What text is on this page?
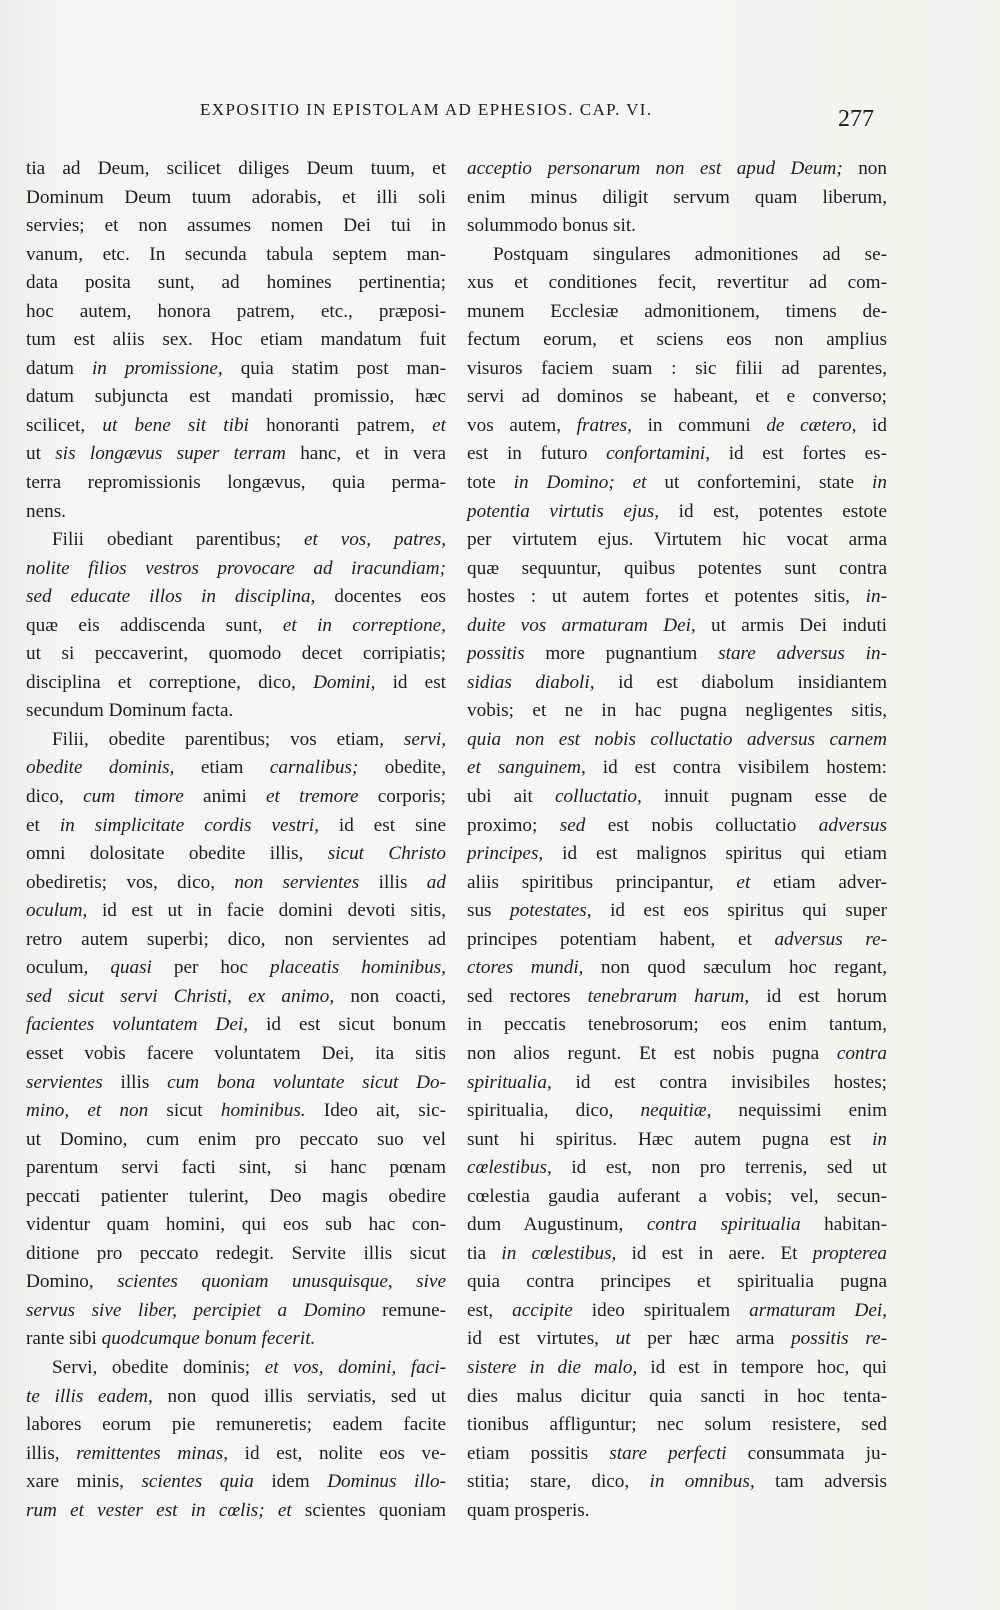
EXPOSITIO IN EPISTOLAM AD EPHESIOS. CAP. VI.	277
tia ad Deum, scilicet diliges Deum tuum, et
Dominum Deum tuum adorabis, et illi soli
servies; et non assumes nomen Dei tui in
vanum, etc. In secunda tabula septem man-
data posita sunt, ad homines pertinentia;
hoc autem, honora patrem, etc., præposi-
tum est aliis sex. Hoc etiam mandatum fuit
datum in promissione, quia statim post man-
datum subjuncta est mandati promissio, hæc
scilicet, ut bene sit tibi honoranti patrem, et
ut sis longævus super terram hanc, et in vera
terra repromissionis longævus, quia perma-
nens.
Filii obediant parentibus; et vos, patres,
nolite filios vestros provocare ad iracundiam;
sed educate illos in disciplina, docentes eos
quæ eis addiscenda sunt, et in correptione,
ut si peccaverint, quomodo decet corripiatis;
disciplina et correptione, dico, Domini, id est
secundum Dominum facta.
Filii, obedite parentibus; vos etiam, servi,
obedite dominis, etiam carnalibus; obedite,
dico, cum timore animi et tremore corporis;
et in simplicitate cordis vestri, id est sine
omni dolositate obedite illis, sicut Christo
obediretis; vos, dico, non servientes illis ad
oculum, id est ut in facie domini devoti sitis,
retro autem superbi; dico, non servientes ad
oculum, quasi per hoc placeatis hominibus,
sed sicut servi Christi, ex animo, non coacti,
facientes voluntatem Dei, id est sicut bonum
esset vobis facere voluntatem Dei, ita sitis
servientes illis cum bona voluntate sicut Do-
mino, et non sicut hominibus. Ideo ait, sic-
ut Domino, cum enim pro peccato suo vel
parentum servi facti sint, si hanc pœnam
peccati patienter tulerint, Deo magis obedire
videntur quam homini, qui eos sub hac con-
ditione pro peccato redegit. Servite illis sicut
Domino, scientes quoniam unusquisque, sive
servus sive liber, percipiet a Domino remune-
rante sibi quodcumque bonum fecerit.
Servi, obedite dominis; et vos, domini, faci-
te illis eadem, non quod illis serviatis, sed ut
labores eorum pie remuneretis; eadem facite
illis, remittentes minas, id est, nolite eos ve-
xare minis, scientes quia idem Dominus illo-
rum et vester est in cœlis; et scientes quoniam
acceptio personarum non est apud Deum; non
enim minus diligit servum quam liberum,
solummodo bonus sit.
Postquam singulares admonitiones ad se-
xus et conditiones fecit, revertitur ad com-
munem Ecclesiæ admonitionem, timens de-
fectum eorum, et sciens eos non amplius
visuros faciem suam : sic filii ad parentes,
servi ad dominos se habeant, et e converso;
vos autem, fratres, in communi de cætero, id
est in futuro confortamini, id est fortes es-
tote in Domino; et ut confortemini, state in
potentia virtutis ejus, id est, potentes estote
per virtutem ejus. Virtutem hic vocat arma
quæ sequuntur, quibus potentes sunt contra
hostes : ut autem fortes et potentes sitis, in-
duite vos armaturam Dei, ut armis Dei induti
possitis more pugnantium stare adversus in-
sidias diaboli, id est diabolum insidiantem
vobis; et ne in hac pugna negligentes sitis,
quia non est nobis colluctatio adversus carnem
et sanguinem, id est contra visibilem hostem:
ubi ait colluctatio, innuit pugnam esse de
proximo; sed est nobis colluctatio adversus
principes, id est malignos spiritus qui etiam
aliis spiritibus principantur, et etiam adver-
sus potestates, id est eos spiritus qui super
principes potentiam habent, et adversus re-
ctores mundi, non quod sæculum hoc regant,
sed rectores tenebrarum harum, id est horum
in peccatis tenebrosorum; eos enim tantum,
non alios regunt. Et est nobis pugna contra
spiritualia, id est contra invisibiles hostes;
spiritualia, dico, nequitiæ, nequissimi enim
sunt hi spiritus. Hæc autem pugna est in
cœlestibus, id est, non pro terrenis, sed ut
cœlestia gaudia auferant a vobis; vel, secun-
dum Augustinum, contra spiritualia habitan-
tia in cœlestibus, id est in aere. Et propterea
quia contra principes et spiritualia pugna
est, accipite ideo spiritualem armaturam Dei,
id est virtutes, ut per hæc arma possitis re-
sistere in die malo, id est in tempore hoc, qui
dies malus dicitur quia sancti in hoc tenta-
tionibus affliguntur; nec solum resistere, sed
etiam possitis stare perfecti consummata ju-
stitia; stare, dico, in omnibus, tam adversis
quam prosperis.
